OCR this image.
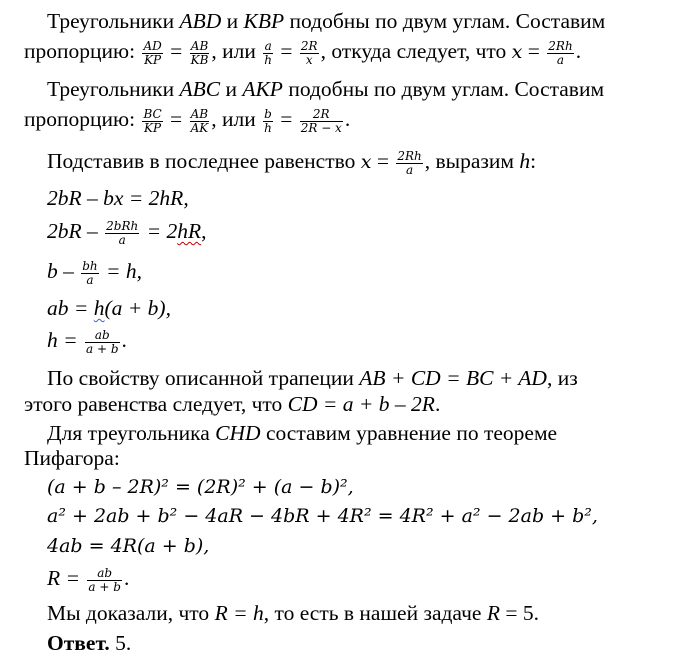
Треугольники ABD и KBP подобны по двум углам. Составим
пропорцию: $\frac{AD}{KP} = \frac{AB}{KB}$ , или $\frac{a}{h} = \frac{2R}{x}$ , откуда следует, что $x = \frac{2Rh}{a}$ .
Треугольники ABC и AKP подобны по двум углам. Составим
пропорцию: $\frac{BC}{KP} = \frac{AB}{AK}$ , или $\frac{b}{h} = \frac{2R}{2R - x}$ .
Подставив в последнее равенство $x = \frac{2Rh}{a}$ , выразим h:
2bR – bx = 2hR,
$2bR - \frac{\text{2bRh}}{a} = 2hR$,
$b - \frac{bh}{a} = h$,
ab = h(a + b),
$h = \frac{ab}{a + b}$ .
По свойству описанной трапеции AB + CD = BC + AD, из
этого равенства следует, что CD = a + b – 2R.
Для треугольника CHD составим уравнение по теореме
Пифагора:
(a + b – 2R)² = (2R)² + (a − b)²,
a² + 2ab + b² − 4aR − 4bR + 4R² = 4R² + a² − 2ab + b²,
4ab = 4R(a + b),
$R = \frac{ab}{a + b}$ .
Мы доказали, что R = h, то есть в нашей задаче R = 5.
Ответ. 5.
